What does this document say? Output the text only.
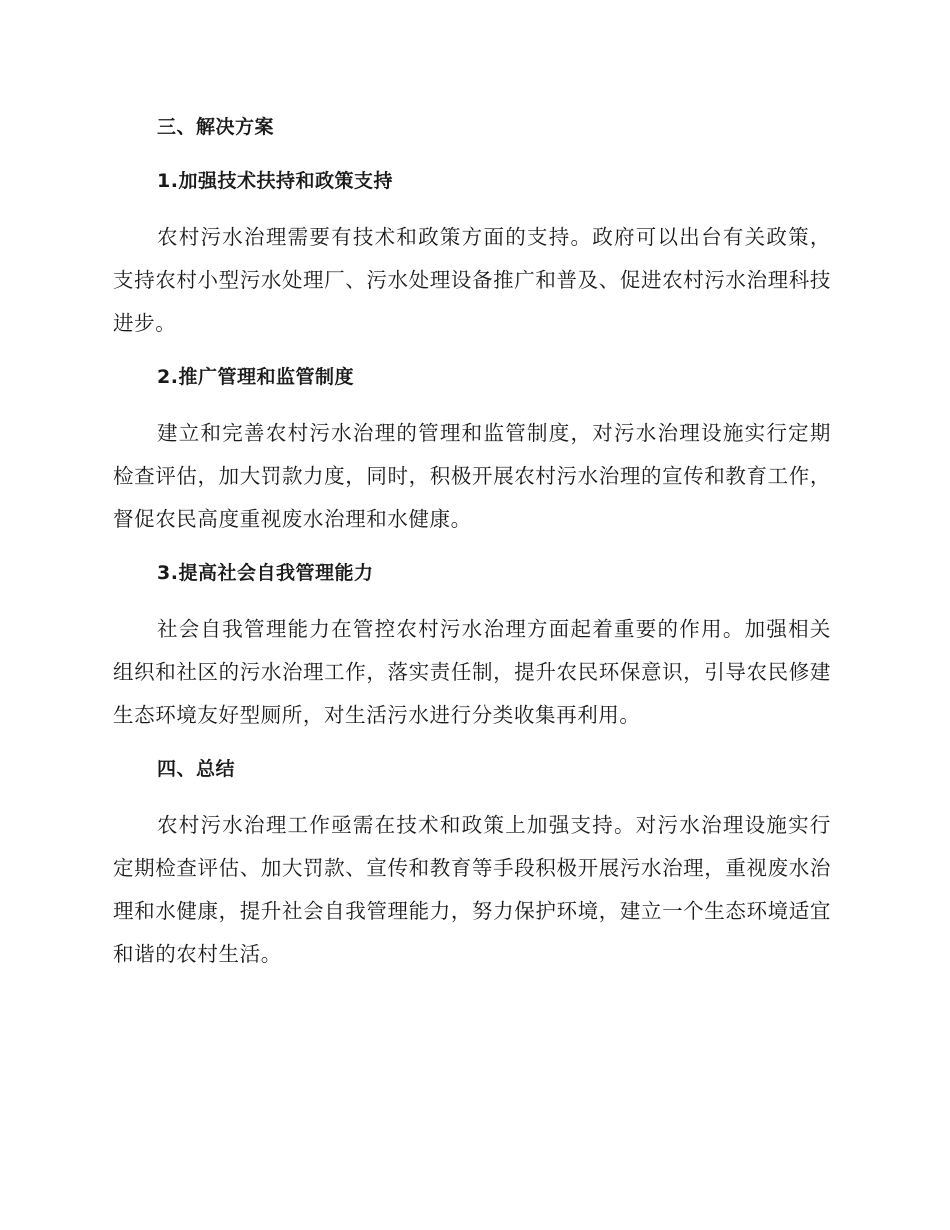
三、解决方案
1.加强技术扶持和政策支持

农村污水治理需要有技术和政策方面的支持。政府可以出台有关政策，支持农村小型污水处理厂、污水处理设备推广和普及、促进农村污水治理科技进步。

2.推广管理和监管制度

建立和完善农村污水治理的管理和监管制度，对污水治理设施实行定期检查评估，加大罚款力度，同时，积极开展农村污水治理的宣传和教育工作，督促农民高度重视废水治理和水健康。

3.提高社会自我管理能力

社会自我管理能力在管控农村污水治理方面起着重要的作用。加强相关组织和社区的污水治理工作，落实责任制，提升农民环保意识，引导农民修建生态环境友好型厕所，对生活污水进行分类收集再利用。

四、总结

农村污水治理工作亟需在技术和政策上加强支持。对污水治理设施实行定期检查评估、加大罚款、宣传和教育等手段积极开展污水治理，重视废水治理和水健康，提升社会自我管理能力，努力保护环境，建立一个生态环境适宜和谐的农村生活。
